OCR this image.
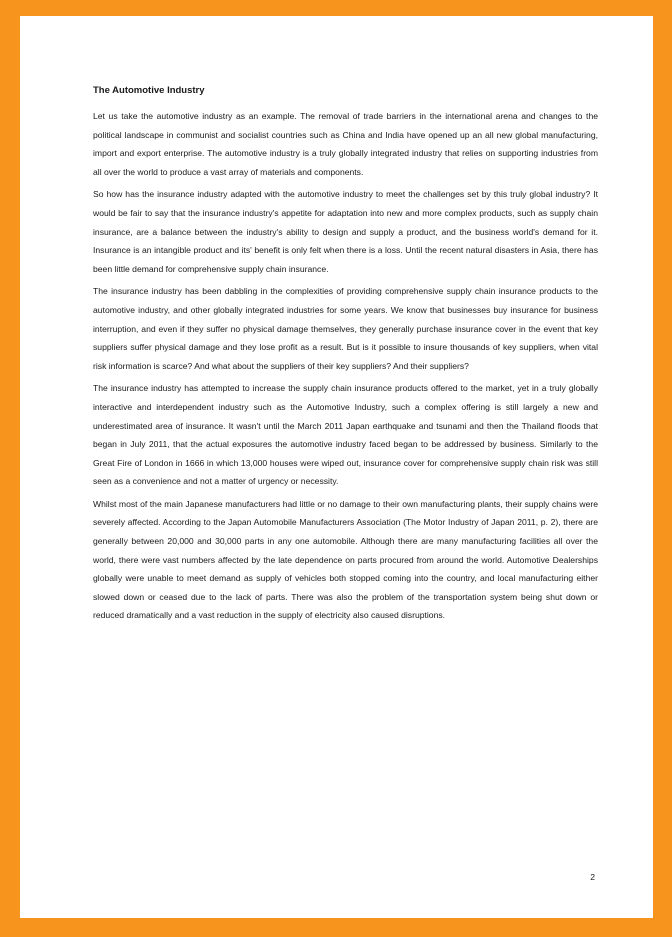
The Automotive Industry

Let us take the automotive industry as an example. The removal of trade barriers in the international arena and changes to the political landscape in communist and socialist countries such as China and India have opened up an all new global manufacturing, import and export enterprise. The automotive industry is a truly globally integrated industry that relies on supporting industries from all over the world to produce a vast array of materials and components.

So how has the insurance industry adapted with the automotive industry to meet the challenges set by this truly global industry? It would be fair to say that the insurance industry's appetite for adaptation into new and more complex products, such as supply chain insurance, are a balance between the industry's ability to design and supply a product, and the business world's demand for it. Insurance is an intangible product and its' benefit is only felt when there is a loss. Until the recent natural disasters in Asia, there has been little demand for comprehensive supply chain insurance.

The insurance industry has been dabbling in the complexities of providing comprehensive supply chain insurance products to the automotive industry, and other globally integrated industries for some years. We know that businesses buy insurance for business interruption, and even if they suffer no physical damage themselves, they generally purchase insurance cover in the event that key suppliers suffer physical damage and they lose profit as a result. But is it possible to insure thousands of key suppliers, when vital risk information is scarce? And what about the suppliers of their key suppliers? And their suppliers?

The insurance industry has attempted to increase the supply chain insurance products offered to the market, yet in a truly globally interactive and interdependent industry such as the Automotive Industry, such a complex offering is still largely a new and underestimated area of insurance. It wasn't until the March 2011 Japan earthquake and tsunami and then the Thailand floods that began in July 2011, that the actual exposures the automotive industry faced began to be addressed by business. Similarly to the Great Fire of London in 1666 in which 13,000 houses were wiped out, insurance cover for comprehensive supply chain risk was still seen as a convenience and not a matter of urgency or necessity.

Whilst most of the main Japanese manufacturers had little or no damage to their own manufacturing plants, their supply chains were severely affected. According to the Japan Automobile Manufacturers Association (The Motor Industry of Japan 2011, p. 2), there are generally between 20,000 and 30,000 parts in any one automobile. Although there are many manufacturing facilities all over the world, there were vast numbers affected by the late dependence on parts procured from around the world. Automotive Dealerships globally were unable to meet demand as supply of vehicles both stopped coming into the country, and local manufacturing either slowed down or ceased due to the lack of parts. There was also the problem of the transportation system being shut down or reduced dramatically and a vast reduction in the supply of electricity also caused disruptions.

2
